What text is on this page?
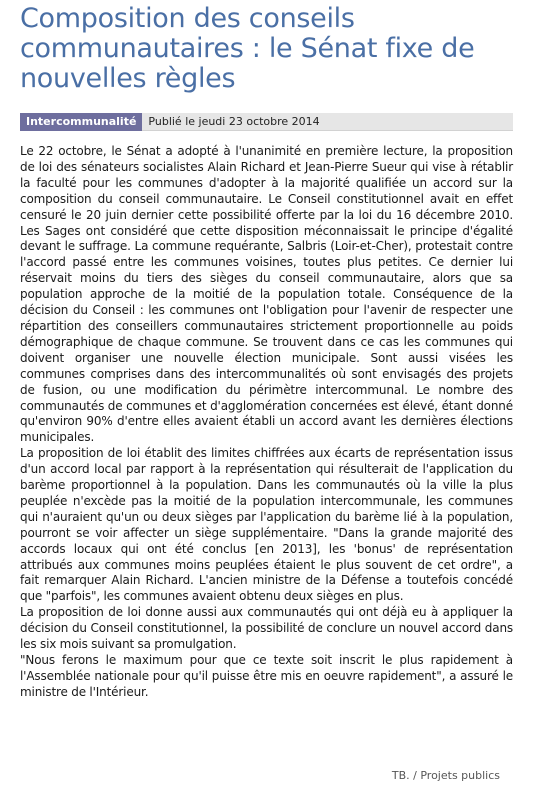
Composition des conseils communautaires : le Sénat fixe de nouvelles règles
Intercommunalité	Publié le jeudi 23 octobre 2014

Le 22 octobre, le Sénat a adopté à l'unanimité en première lecture, la proposition de loi des sénateurs socialistes Alain Richard et Jean-Pierre Sueur qui vise à rétablir la faculté pour les communes d'adopter à la majorité qualifiée un accord sur la composition du conseil communautaire. Le Conseil constitutionnel avait en effet censuré le 20 juin dernier cette possibilité offerte par la loi du 16 décembre 2010. Les Sages ont considéré que cette disposition méconnaissait le principe d'égalité devant le suffrage. La commune requérante, Salbris (Loir-et-Cher), protestait contre l'accord passé entre les communes voisines, toutes plus petites. Ce dernier lui réservait moins du tiers des sièges du conseil communautaire, alors que sa population approche de la moitié de la population totale. Conséquence de la décision du Conseil : les communes ont l'obligation pour l'avenir de respecter une répartition des conseillers communautaires strictement proportionnelle au poids démographique de chaque commune. Se trouvent dans ce cas les communes qui doivent organiser une nouvelle élection municipale. Sont aussi visées les communes comprises dans des intercommunalités où sont envisagés des projets de fusion, ou une modification du périmètre intercommunal. Le nombre des communautés de communes et d'agglomération concernées est élevé, étant donné qu'environ 90% d'entre elles avaient établi un accord avant les dernières élections municipales.

La proposition de loi établit des limites chiffrées aux écarts de représentation issus d'un accord local par rapport à la représentation qui résulterait de l'application du barème proportionnel à la population. Dans les communautés où la ville la plus peuplée n'excède pas la moitié de la population intercommunale, les communes qui n'auraient qu'un ou deux sièges par l'application du barème lié à la population, pourront se voir affecter un siège supplémentaire. "Dans la grande majorité des accords locaux qui ont été conclus [en 2013], les 'bonus' de représentation attribués aux communes moins peuplées étaient le plus souvent de cet ordre", a fait remarquer Alain Richard. L'ancien ministre de la Défense a toutefois concédé que "parfois", les communes avaient obtenu deux sièges en plus.

La proposition de loi donne aussi aux communautés qui ont déjà eu à appliquer la décision du Conseil constitutionnel, la possibilité de conclure un nouvel accord dans les six mois suivant sa promulgation.

"Nous ferons le maximum pour que ce texte soit inscrit le plus rapidement à l'Assemblée nationale pour qu'il puisse être mis en oeuvre rapidement", a assuré le ministre de l'Intérieur.

TB. / Projets publics
